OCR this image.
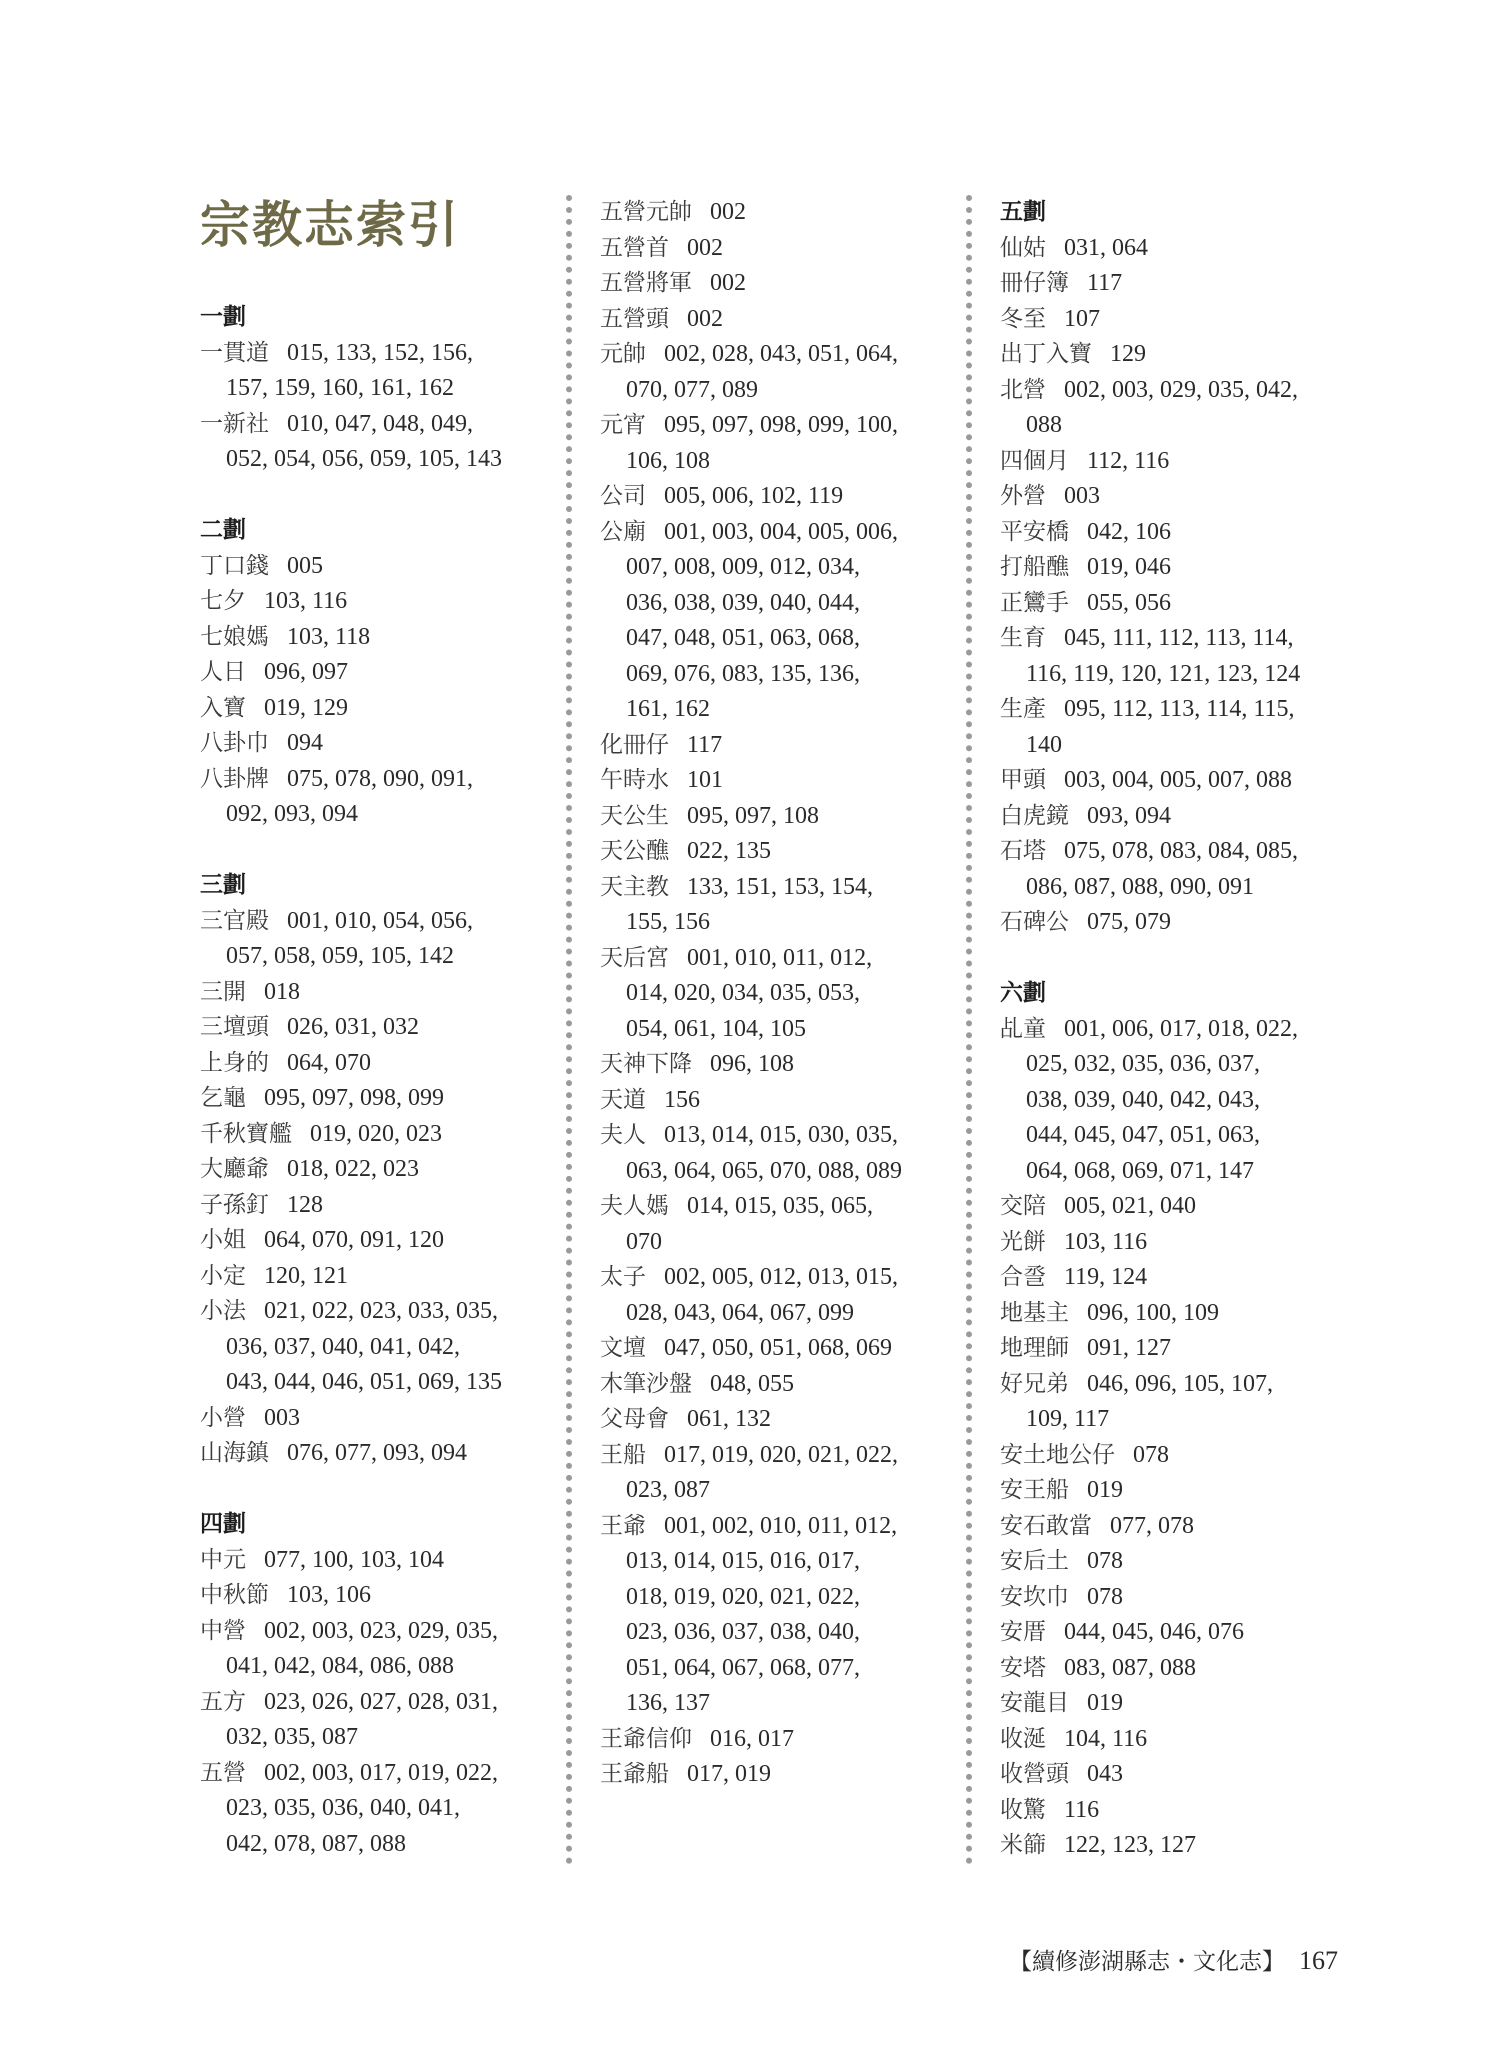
宗教志索引
一劃
一貫道 015, 133, 152, 156,
157, 159, 160, 161, 162
一新社 010, 047, 048, 049,
052, 054, 056, 059, 105, 143
二劃
丁口錢 005
七夕 103, 116
七娘媽 103, 118
人日 096, 097
入寶 019, 129
八卦巾 094
八卦牌 075, 078, 090, 091,
092, 093, 094
三劃
三官殿 001, 010, 054, 056,
057, 058, 059, 105, 142
三開 018
三壇頭 026, 031, 032
上身的 064, 070
乞龜 095, 097, 098, 099
千秋寶艦 019, 020, 023
大廳爺 018, 022, 023
子孫釘 128
小姐 064, 070, 091, 120
小定 120, 121
小法 021, 022, 023, 033, 035,
036, 037, 040, 041, 042,
043, 044, 046, 051, 069, 135
小營 003
山海鎮 076, 077, 093, 094
四劃
中元 077, 100, 103, 104
中秋節 103, 106
中營 002, 003, 023, 029, 035,
041, 042, 084, 086, 088
五方 023, 026, 027, 028, 031,
032, 035, 087
五營 002, 003, 017, 019, 022,
023, 035, 036, 040, 041,
042, 078, 087, 088
五營元帥 002
五營首 002
五營將軍 002
五營頭 002
元帥 002, 028, 043, 051, 064,
070, 077, 089
元宵 095, 097, 098, 099, 100,
106, 108
公司 005, 006, 102, 119
公廟 001, 003, 004, 005, 006,
007, 008, 009, 012, 034,
036, 038, 039, 040, 044,
047, 048, 051, 063, 068,
069, 076, 083, 135, 136,
161, 162
化冊仔 117
午時水 101
天公生 095, 097, 108
天公醮 022, 135
天主教 133, 151, 153, 154,
155, 156
天后宮 001, 010, 011, 012,
014, 020, 034, 035, 053,
054, 061, 104, 105
天神下降 096, 108
天道 156
夫人 013, 014, 015, 030, 035,
063, 064, 065, 070, 088, 089
夫人媽 014, 015, 035, 065,
070
太子 002, 005, 012, 013, 015,
028, 043, 064, 067, 099
文壇 047, 050, 051, 068, 069
木筆沙盤 048, 055
父母會 061, 132
王船 017, 019, 020, 021, 022,
023, 087
王爺 001, 002, 010, 011, 012,
013, 014, 015, 016, 017,
018, 019, 020, 021, 022,
023, 036, 037, 038, 040,
051, 064, 067, 068, 077,
136, 137
王爺信仰 016, 017
王爺船 017, 019
五劃
仙姑 031, 064
冊仔簿 117
冬至 107
出丁入寶 129
北營 002, 003, 029, 035, 042,
088
四個月 112, 116
外營 003
平安橋 042, 106
打船醮 019, 046
正鸞手 055, 056
生育 045, 111, 112, 113, 114,
116, 119, 120, 121, 123, 124
生產 095, 112, 113, 114, 115,
140
甲頭 003, 004, 005, 007, 088
白虎鏡 093, 094
石塔 075, 078, 083, 084, 085,
086, 087, 088, 090, 091
石碑公 075, 079
六劃
乩童 001, 006, 017, 018, 022,
025, 032, 035, 036, 037,
038, 039, 040, 042, 043,
044, 045, 047, 051, 063,
064, 068, 069, 071, 147
交陪 005, 021, 040
光餅 103, 116
合巹 119, 124
地基主 096, 100, 109
地理師 091, 127
好兄弟 046, 096, 105, 107,
109, 117
安土地公仔 078
安王船 019
安石敢當 077, 078
安后土 078
安坎巾 078
安厝 044, 045, 046, 076
安塔 083, 087, 088
安龍目 019
收涎 104, 116
收營頭 043
收驚 116
米篩 122, 123, 127
【續修澎湖縣志・文化志】 167
